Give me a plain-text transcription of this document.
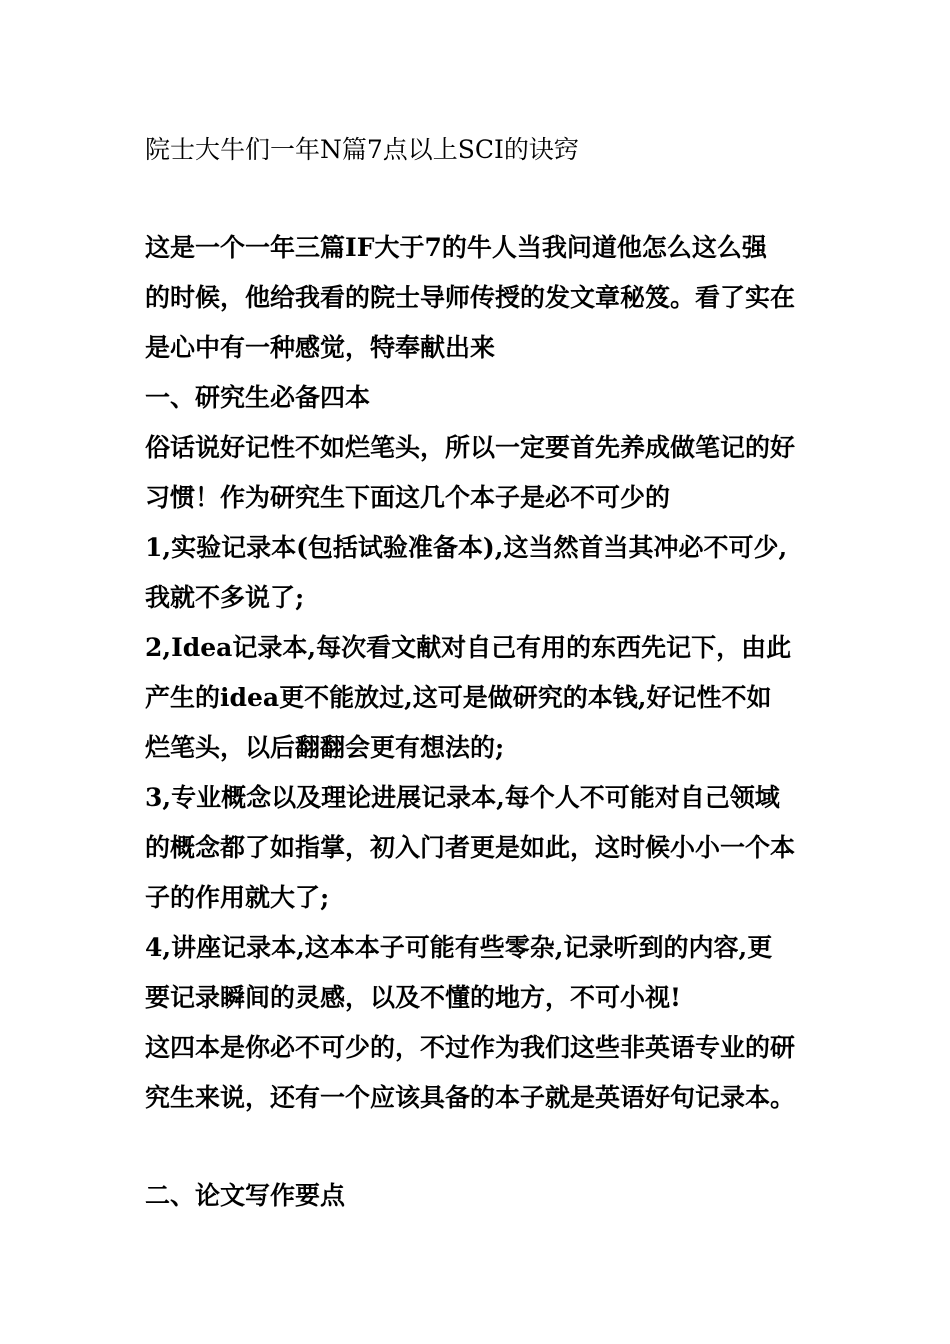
院士大牛们一年N篇7点以上SCI的诀窍
这是一个一年三篇IF大于7的牛人当我问道他怎么这么强
的时候，他给我看的院士导师传授的发文章秘笈。看了实在
是心中有一种感觉，特奉献出来
一、研究生必备四本
俗话说好记性不如烂笔头，所以一定要首先养成做笔记的好
习惯！作为研究生下面这几个本子是必不可少的
1,实验记录本(包括试验准备本),这当然首当其冲必不可少,
我就不多说了;
2,Idea记录本,每次看文献对自己有用的东西先记下，由此
产生的idea更不能放过,这可是做研究的本钱,好记性不如
烂笔头，以后翻翻会更有想法的;
3,专业概念以及理论进展记录本,每个人不可能对自己领域
的概念都了如指掌，初入门者更是如此，这时候小小一个本
子的作用就大了;
4,讲座记录本,这本本子可能有些零杂,记录听到的内容,更
要记录瞬间的灵感，以及不懂的地方，不可小视!
这四本是你必不可少的，不过作为我们这些非英语专业的研
究生来说，还有一个应该具备的本子就是英语好句记录本。
二、论文写作要点
